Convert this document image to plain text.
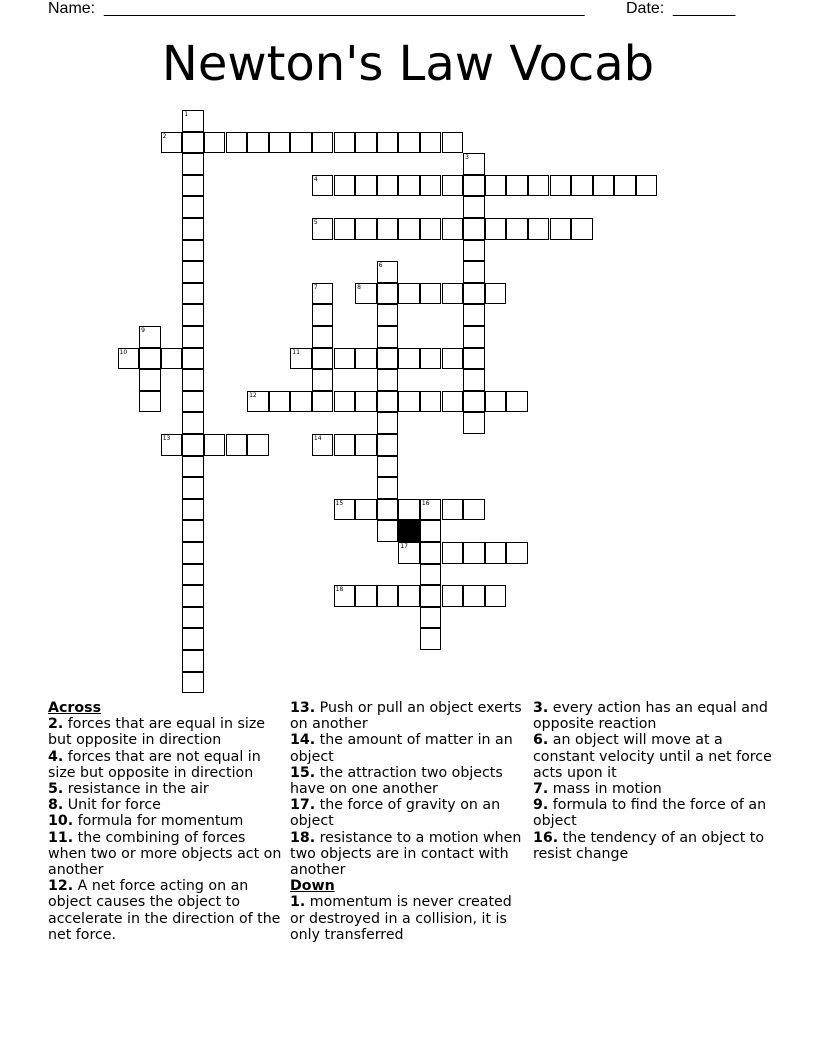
Name: ______________________________________________________	Date: _______
Newton's Law Vocab
1
2
3
4
5
6
7	8
9
10	11
12
13	14
15	16
17
18
Across
2. forces that are equal in size but opposite in direction
4. forces that are not equal in size but opposite in direction
5. resistance in the air
8. Unit for force
10. formula for momentum
11. the combining of forces when two or more objects act on another
12. A net force acting on an object causes the object to accelerate in the direction of the net force.
13. Push or pull an object exerts on another
14. the amount of matter in an object
15. the attraction two objects have on one another
17. the force of gravity on an object
18. resistance to a motion when two objects are in contact with another
Down
1. momentum is never created or destroyed in a collision, it is only transferred
3. every action has an equal and opposite reaction
6. an object will move at a constant velocity until a net force acts upon it
7. mass in motion
9. formula to find the force of an object
16. the tendency of an object to resist change
